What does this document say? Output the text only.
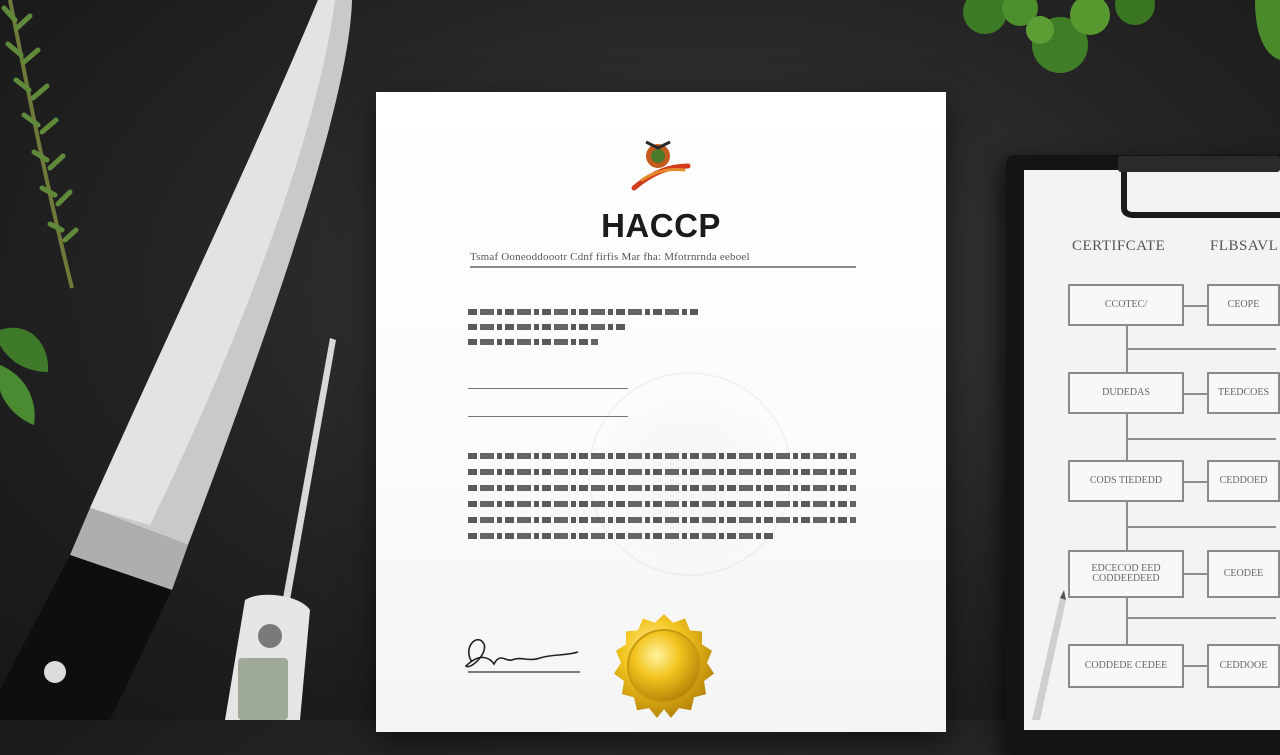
HACCP
Tsmaf Ooneoddoootr Cdnf firfis Mar fha: Mfotrnrnda eeboel
CERTIFCATE	FLBSAVL
CCOTEC/	CEOPE
DUDEDAS	TEEDCOES
CODS TIEDEDD	CEDDOED
EDCECOD EED CODDEEDEED	CEODEE
CODDEDE CEDEE	CEDDOOE
